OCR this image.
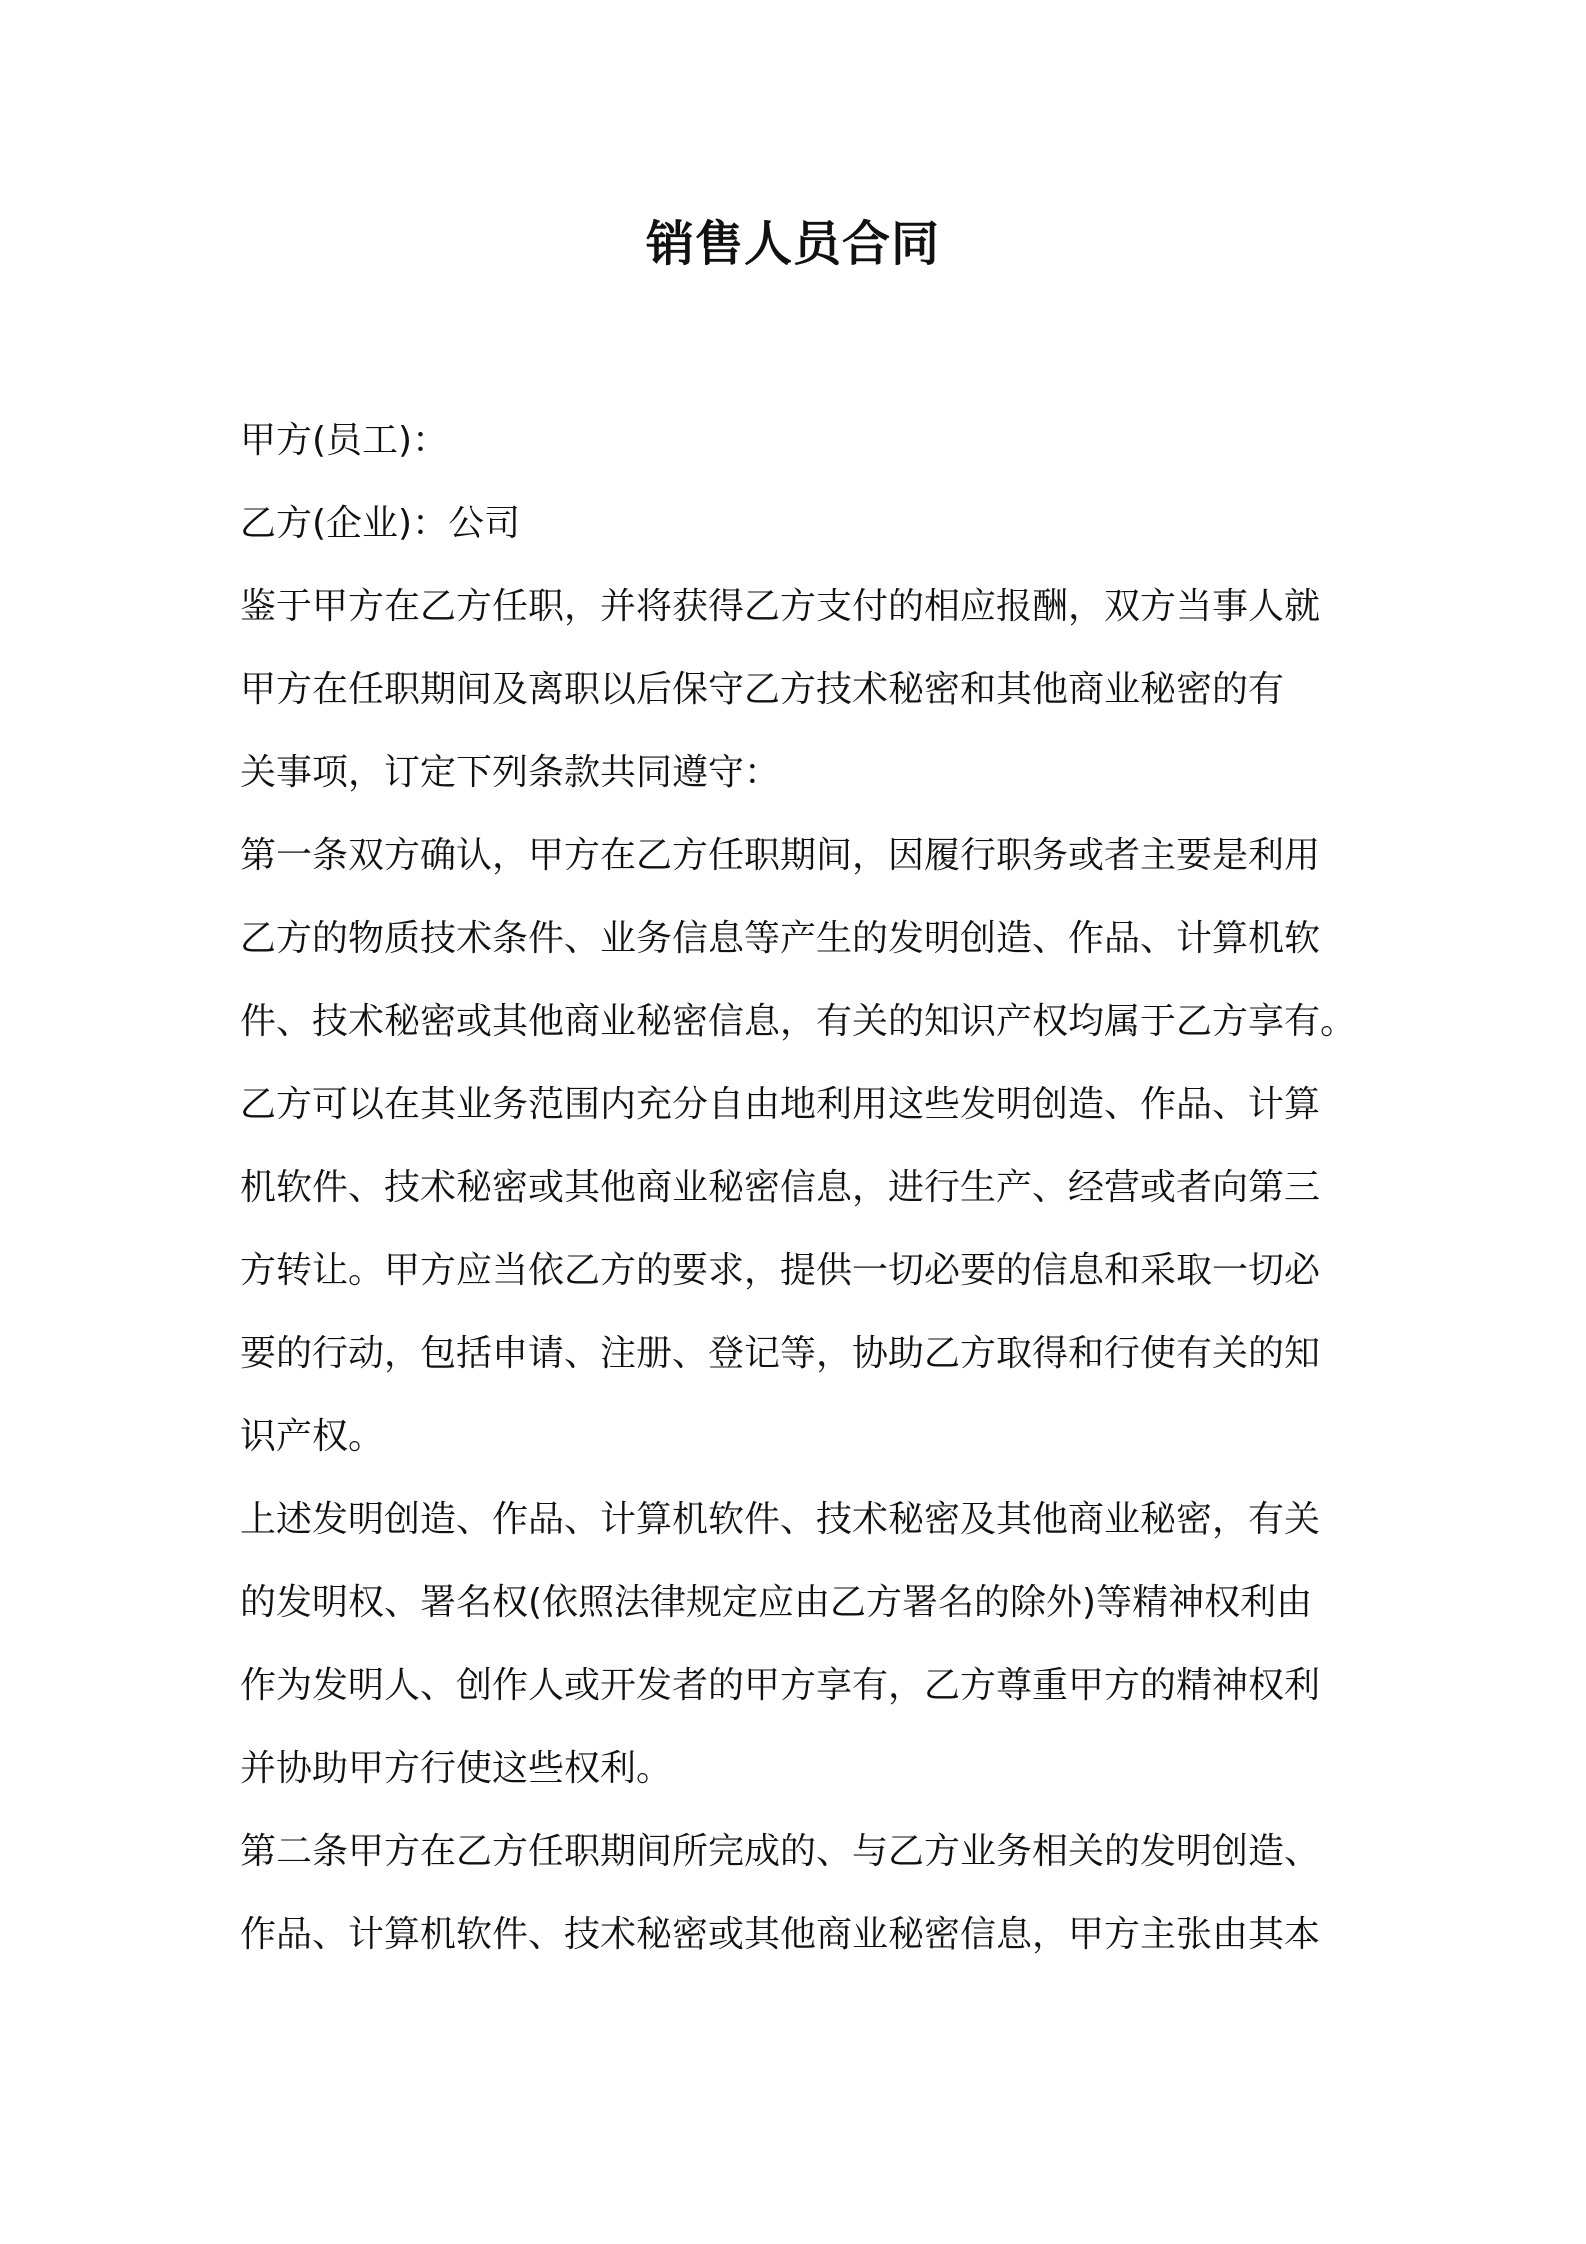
销售人员合同
甲方(员工)：
乙方(企业)：公司
鉴于甲方在乙方任职，并将获得乙方支付的相应报酬，双方当事人就
甲方在任职期间及离职以后保守乙方技术秘密和其他商业秘密的有
关事项，订定下列条款共同遵守：
第一条双方确认，甲方在乙方任职期间，因履行职务或者主要是利用
乙方的物质技术条件、业务信息等产生的发明创造、作品、计算机软
件、技术秘密或其他商业秘密信息，有关的知识产权均属于乙方享有。
乙方可以在其业务范围内充分自由地利用这些发明创造、作品、计算
机软件、技术秘密或其他商业秘密信息，进行生产、经营或者向第三
方转让。甲方应当依乙方的要求，提供一切必要的信息和采取一切必
要的行动，包括申请、注册、登记等，协助乙方取得和行使有关的知
识产权。
上述发明创造、作品、计算机软件、技术秘密及其他商业秘密，有关
的发明权、署名权(依照法律规定应由乙方署名的除外)等精神权利由
作为发明人、创作人或开发者的甲方享有，乙方尊重甲方的精神权利
并协助甲方行使这些权利。
第二条甲方在乙方任职期间所完成的、与乙方业务相关的发明创造、
作品、计算机软件、技术秘密或其他商业秘密信息，甲方主张由其本
